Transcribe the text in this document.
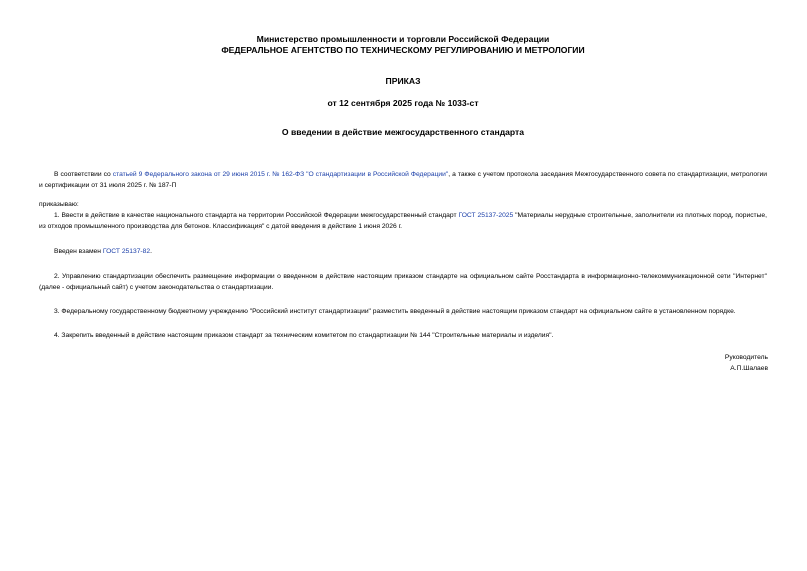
Министерство промышленности и торговли Российской Федерации
ФЕДЕРАЛЬНОЕ АГЕНТСТВО ПО ТЕХНИЧЕСКОМУ РЕГУЛИРОВАНИЮ И МЕТРОЛОГИИ
ПРИКАЗ
от 12 сентября 2025 года № 1033-ст
О введении в действие межгосударственного стандарта
В соответствии со статьей 9 Федерального закона от 29 июня 2015 г. № 162-ФЗ "О стандартизации в Российской Федерации", а также с учетом протокола заседания Межгосударственного совета по стандартизации, метрологии и сертификации от 31 июля 2025 г. № 187-П
приказываю:
1. Ввести в действие в качестве национального стандарта на территории Российской Федерации межгосударственный стандарт ГОСТ 25137-2025 "Материалы нерудные строительные, заполнители из плотных пород, пористые, из отходов промышленного производства для бетонов. Классификация" с датой введения в действие 1 июня 2026 г.
Введен взамен ГОСТ 25137-82.
2. Управлению стандартизации обеспечить размещение информации о введенном в действие настоящим приказом стандарте на официальном сайте Росстандарта в информационно-телекоммуникационной сети "Интернет" (далее - официальный сайт) с учетом законодательства о стандартизации.
3. Федеральному государственному бюджетному учреждению "Российский институт стандартизации" разместить введенный в действие настоящим приказом стандарт на официальном сайте в установленном порядке.
4. Закрепить введенный в действие настоящим приказом стандарт за техническим комитетом по стандартизации № 144 "Строительные материалы и изделия".
Руководитель
А.П.Шалаев
